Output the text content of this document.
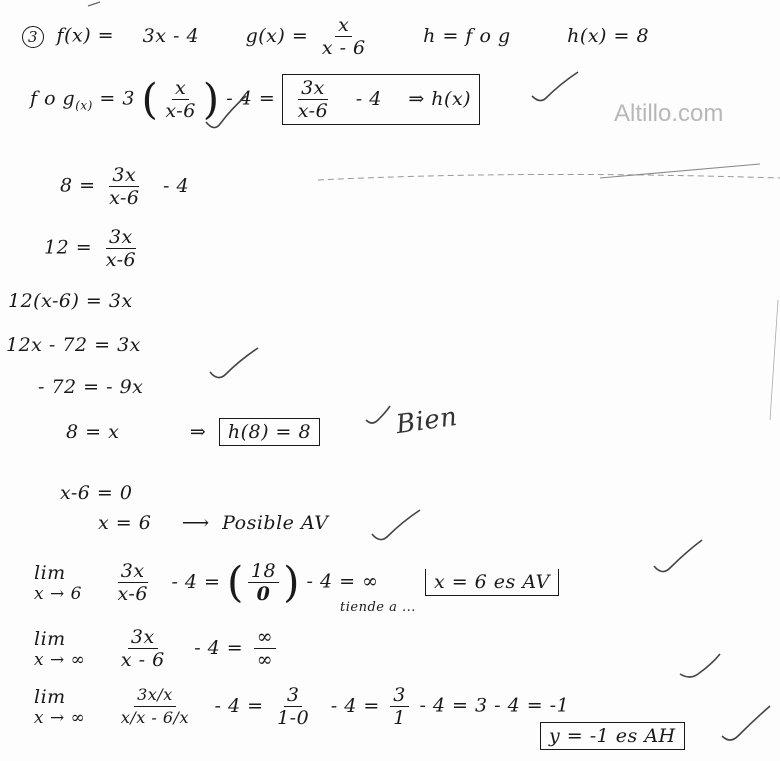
Altillo.com
3 f(x) = 3x - 4 $g(x) = \frac{x}{x - 6}$	h = f o g	h(x) = 8
f o $g_{(x)} = 3$ ( $\frac{x}{x-6}$ ) - $4 = \frac{3x}{x-6} - 4$ ⇒ h(x)
$8 = \frac{3x}{x-6} - 4$
$12 = \frac{3x}{x-6}$
12(x-6) = 3x
12x - 72 = 3x
- 72 = - 9x
8 = x	⇒ h(8) = 8
x-6 = 0
x = 6 ⟶ Posible AV
lim
x → 6
$\frac{3x}{x-6} - 4$ = ( $\frac{18}{0}$ ) - 4 = ∞	x = 6 es AV
tiende a ...
lim
x → ∞
$\frac{3x}{x - 6} - 4 = \frac{\infty}{\infty}$
lim
x → ∞
$\frac{3x/x}{x/x - 6/x} - 4 = \frac{3}{1-0} - 4 = \frac{3}{1} - 4 = 3 - 4 = -1$
y = -1 es AH
Bien
